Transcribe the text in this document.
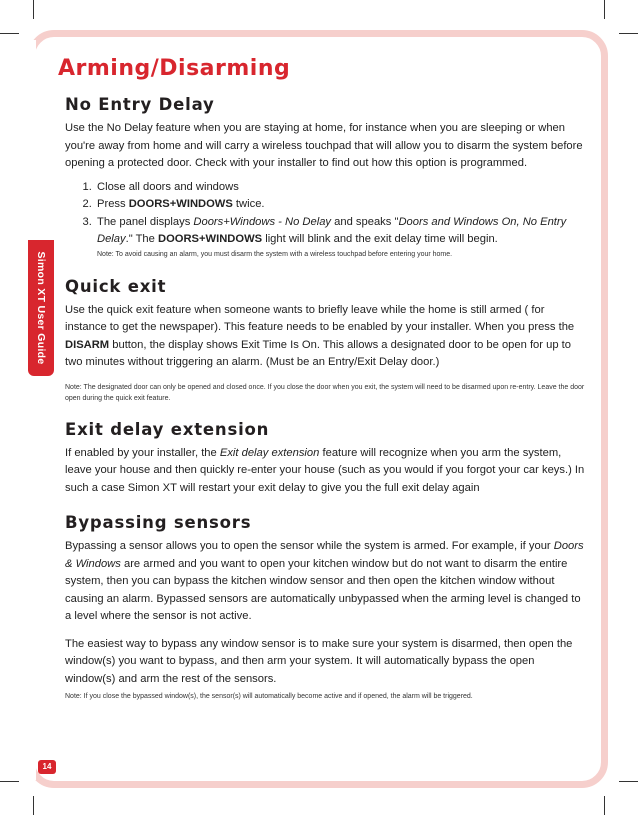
Simon XT User Guide
14
Arming/Disarming
No Entry Delay

Use the No Delay feature when you are staying at home, for instance when you are sleeping or when you're away from home and will carry a wireless touchpad that will allow you to disarm the system before opening a protected door. Check with your installer to find out how this option is programmed.

1. Close all doors and windows
2. Press DOORS+WINDOWS twice.
3. The panel displays Doors+Windows - No Delay and speaks "Doors and Windows On, No Entry Delay." The DOORS+WINDOWS light will blink and the exit delay time will begin.
Note: To avoid causing an alarm, you must disarm the system with a wireless touchpad before entering your home.
Quick exit

Use the quick exit feature when someone wants to briefly leave while the home is still armed ( for instance to get the newspaper). This feature needs to be enabled by your installer. When you press the DISARM button, the display shows Exit Time Is On. This allows a designated door to be open for up to two minutes without triggering an alarm. (Must be an Entry/Exit Delay door.)

Note: The designated door can only be opened and closed once. If you close the door when you exit, the system will need to be disarmed upon re-entry. Leave the door open during the quick exit feature.

Exit delay extension

If enabled by your installer, the Exit delay extension feature will recognize when you arm the system, leave your house and then quickly re-enter your house (such as you would if you forgot your car keys.) In such a case Simon XT will restart your exit delay to give you the full exit delay again

Bypassing sensors

Bypassing a sensor allows you to open the sensor while the system is armed. For example, if your Doors & Windows are armed and you want to open your kitchen window but do not want to disarm the entire system, then you can bypass the kitchen window sensor and then open the kitchen window without causing an alarm. Bypassed sensors are automatically unbypassed when the arming level is changed to a level where the sensor is not active.

The easiest way to bypass any window sensor is to make sure your system is disarmed, then open the window(s) you want to bypass, and then arm your system. It will automatically bypass the open window(s) and arm the rest of the sensors.

Note: If you close the bypassed window(s), the sensor(s) will automatically become active and if opened, the alarm will be triggered.
